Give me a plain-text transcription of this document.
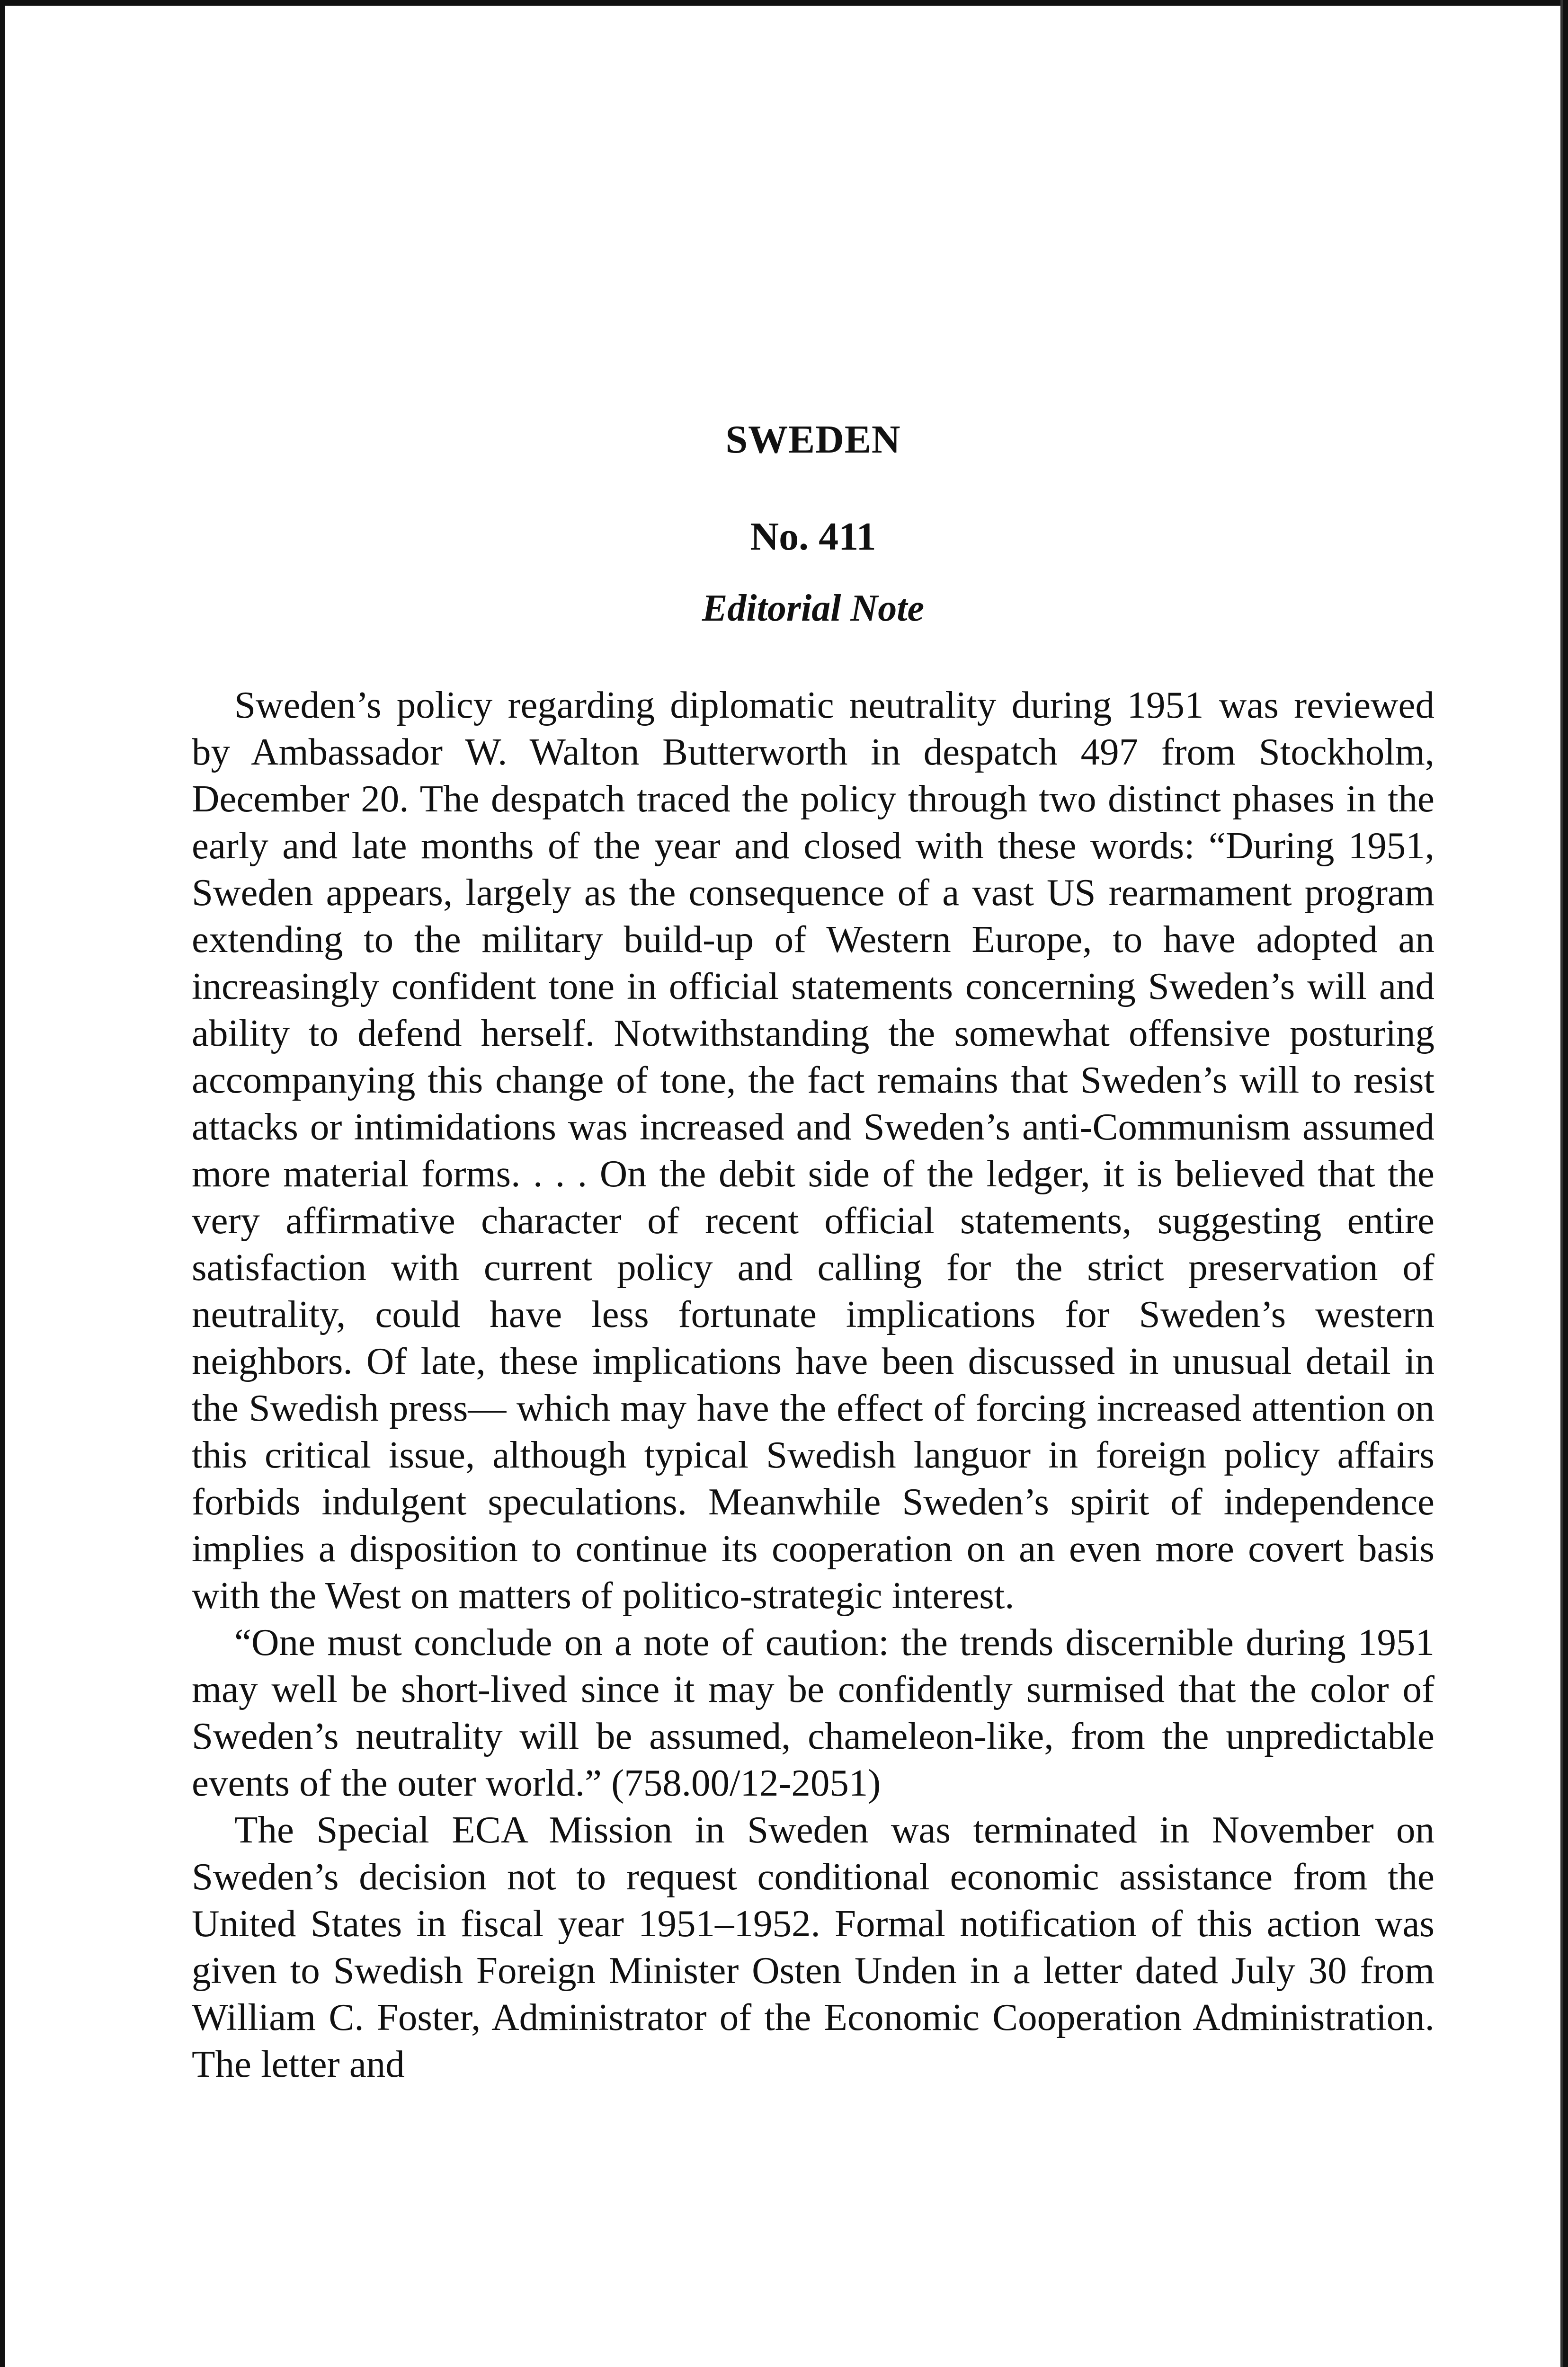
SWEDEN
No. 411
Editorial Note

Sweden’s policy regarding diplomatic neutrality during 1951 was reviewed by Ambassador W. Walton Butterworth in despatch 497 from Stockholm, December 20. The despatch traced the policy through two distinct phases in the early and late months of the year and closed with these words: “During 1951, Sweden appears, largely as the consequence of a vast US rearmament program extending to the military build-up of Western Europe, to have adopted an increasingly confident tone in official statements concerning Sweden’s will and ability to defend herself. Notwithstanding the somewhat offensive posturing accompanying this change of tone, the fact remains that Sweden’s will to resist attacks or intimidations was increased and Sweden’s anti-Communism assumed more material forms. . . . On the debit side of the ledger, it is believed that the very affirmative character of recent official statements, suggesting entire satisfaction with current policy and calling for the strict preservation of neutrality, could have less fortunate implications for Sweden’s western neighbors. Of late, these implications have been discussed in unusual detail in the Swedish press— which may have the effect of forcing increased attention on this critical issue, although typical Swedish languor in foreign policy affairs forbids indulgent speculations. Meanwhile Sweden’s spirit of independence implies a disposition to continue its cooperation on an even more covert basis with the West on matters of politico-strategic interest.

“One must conclude on a note of caution: the trends discernible during 1951 may well be short-lived since it may be confidently surmised that the color of Sweden’s neutrality will be assumed, chameleon-like, from the unpredictable events of the outer world.” (758.00/12-2051)

The Special ECA Mission in Sweden was terminated in November on Sweden’s decision not to request conditional economic assistance from the United States in fiscal year 1951–1952. Formal notification of this action was given to Swedish Foreign Minister Osten Unden in a letter dated July 30 from William C. Foster, Administrator of the Economic Cooperation Administration. The letter and
